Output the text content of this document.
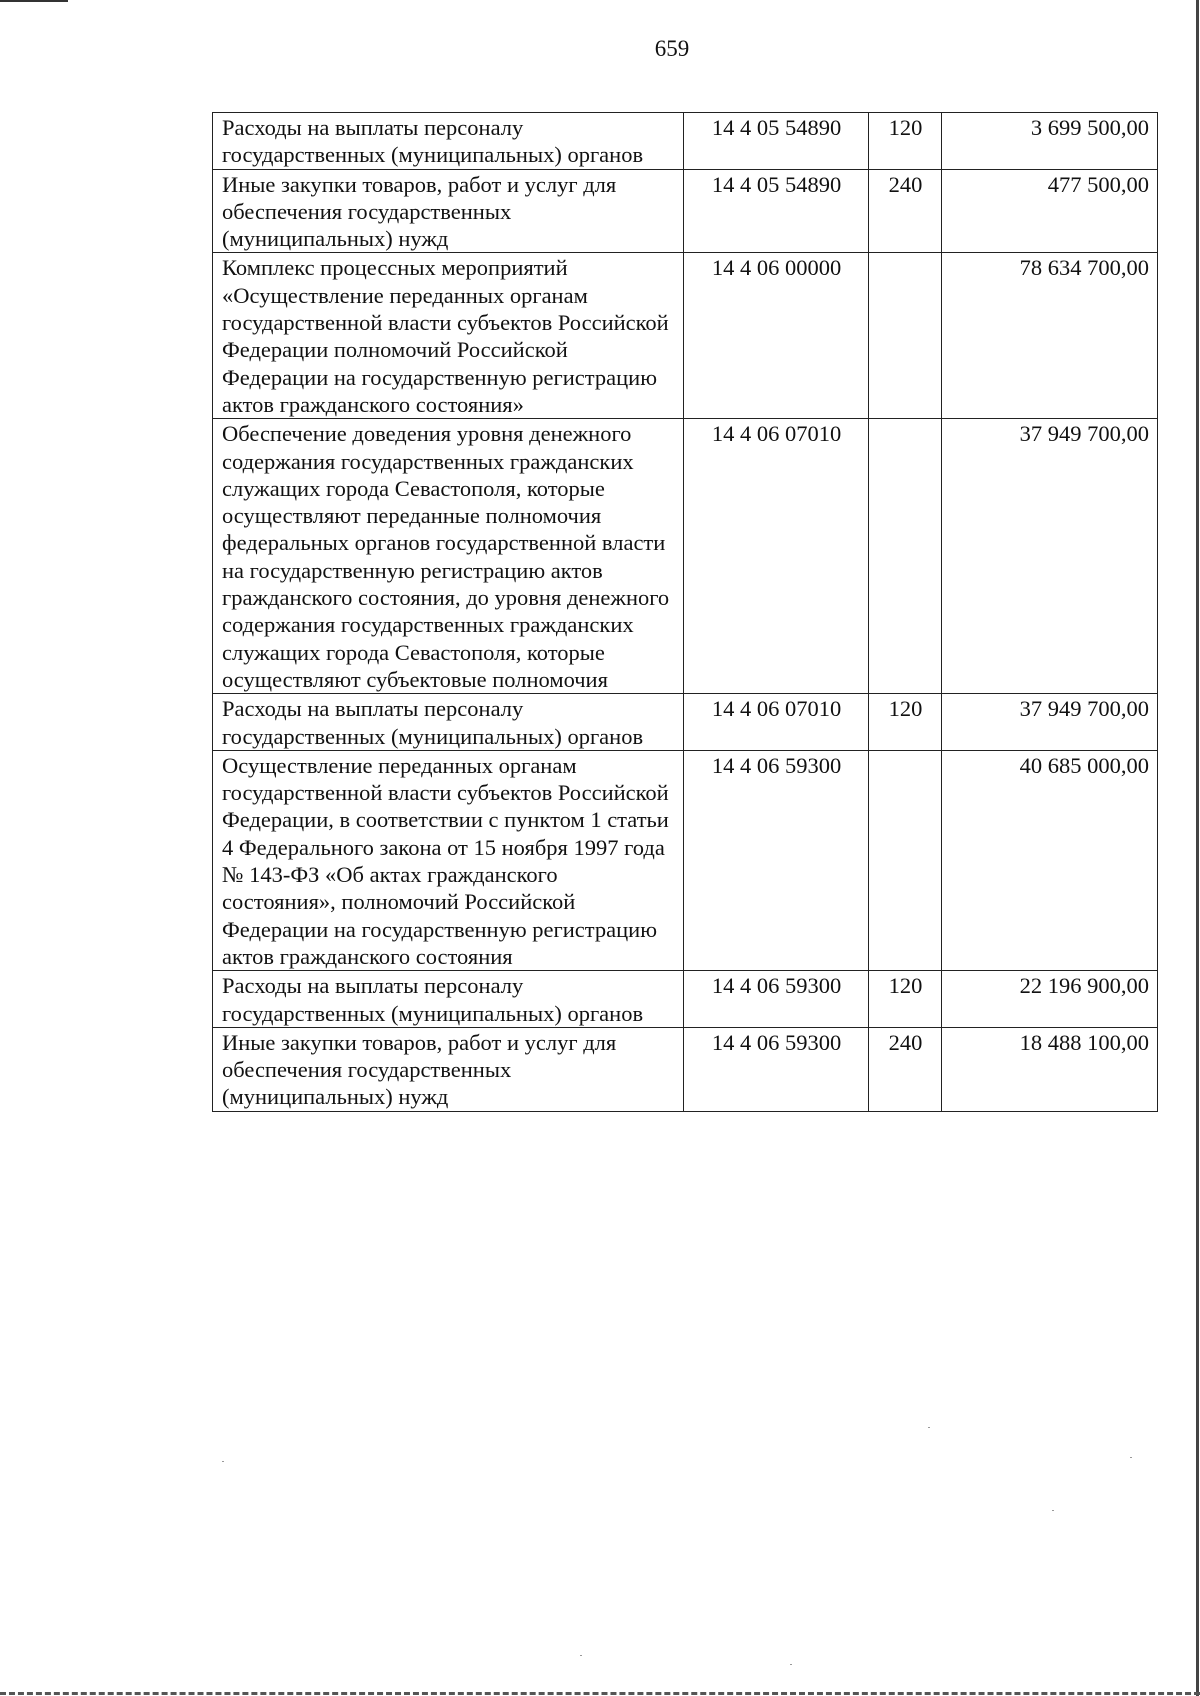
659
Расходы на выплаты персоналу государственных (муниципальных) органов	14 4 05 54890	120	3 699 500,00
Иные закупки товаров, работ и услуг для обеспечения государственных (муниципальных) нужд	14 4 05 54890	240	477 500,00
Комплекс процессных мероприятий «Осуществление переданных органам государственной власти субъектов Российской Федерации полномочий Российской Федерации на государственную регистрацию актов гражданского состояния»	14 4 06 00000		78 634 700,00
Обеспечение доведения уровня денежного содержания государственных гражданских служащих города Севастополя, которые осуществляют переданные полномочия федеральных органов государственной власти на государственную регистрацию актов гражданского состояния, до уровня денежного содержания государственных гражданских служащих города Севастополя, которые осуществляют субъектовые полномочия	14 4 06 07010		37 949 700,00
Расходы на выплаты персоналу государственных (муниципальных) органов	14 4 06 07010	120	37 949 700,00
Осуществление переданных органам государственной власти субъектов Российской Федерации, в соответствии с пунктом 1 статьи 4 Федерального закона от 15 ноября 1997 года № 143-ФЗ «Об актах гражданского состояния», полномочий Российской Федерации на государственную регистрацию актов гражданского состояния	14 4 06 59300		40 685 000,00
Расходы на выплаты персоналу государственных (муниципальных) органов	14 4 06 59300	120	22 196 900,00
Иные закупки товаров, работ и услуг для обеспечения государственных (муниципальных) нужд	14 4 06 59300	240	18 488 100,00
